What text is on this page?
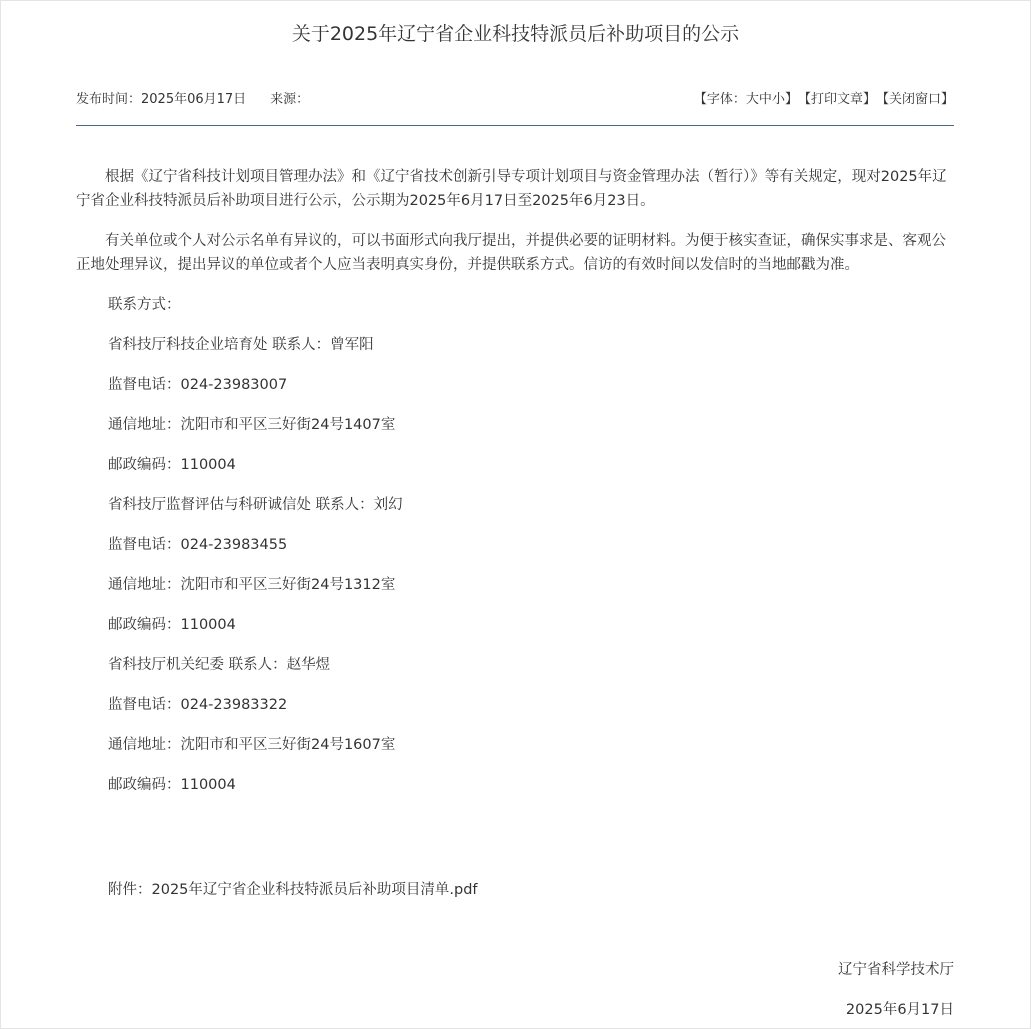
关于2025年辽宁省企业科技特派员后补助项目的公示
发布时间：2025年06月17日 来源：	【字体：大中小】【打印文章】【关闭窗口】

根据《辽宁省科技计划项目管理办法》和《辽宁省技术创新引导专项计划项目与资金管理办法（暂行）》等有关规定，现对2025年辽宁省企业科技特派员后补助项目进行公示，公示期为2025年6月17日至2025年6月23日。

有关单位或个人对公示名单有异议的，可以书面形式向我厅提出，并提供必要的证明材料。为便于核实查证，确保实事求是、客观公正地处理异议，提出异议的单位或者个人应当表明真实身份，并提供联系方式。信访的有效时间以发信时的当地邮戳为准。

联系方式：
省科技厅科技企业培育处 联系人：曾军阳
监督电话：024-23983007
通信地址：沈阳市和平区三好街24号1407室
邮政编码：110004
省科技厅监督评估与科研诚信处 联系人：刘幻
监督电话：024-23983455
通信地址：沈阳市和平区三好街24号1312室
邮政编码：110004
省科技厅机关纪委 联系人：赵华煜
监督电话：024-23983322
通信地址：沈阳市和平区三好街24号1607室
邮政编码：110004
附件：2025年辽宁省企业科技特派员后补助项目清单.pdf
辽宁省科学技术厅
2025年6月17日
